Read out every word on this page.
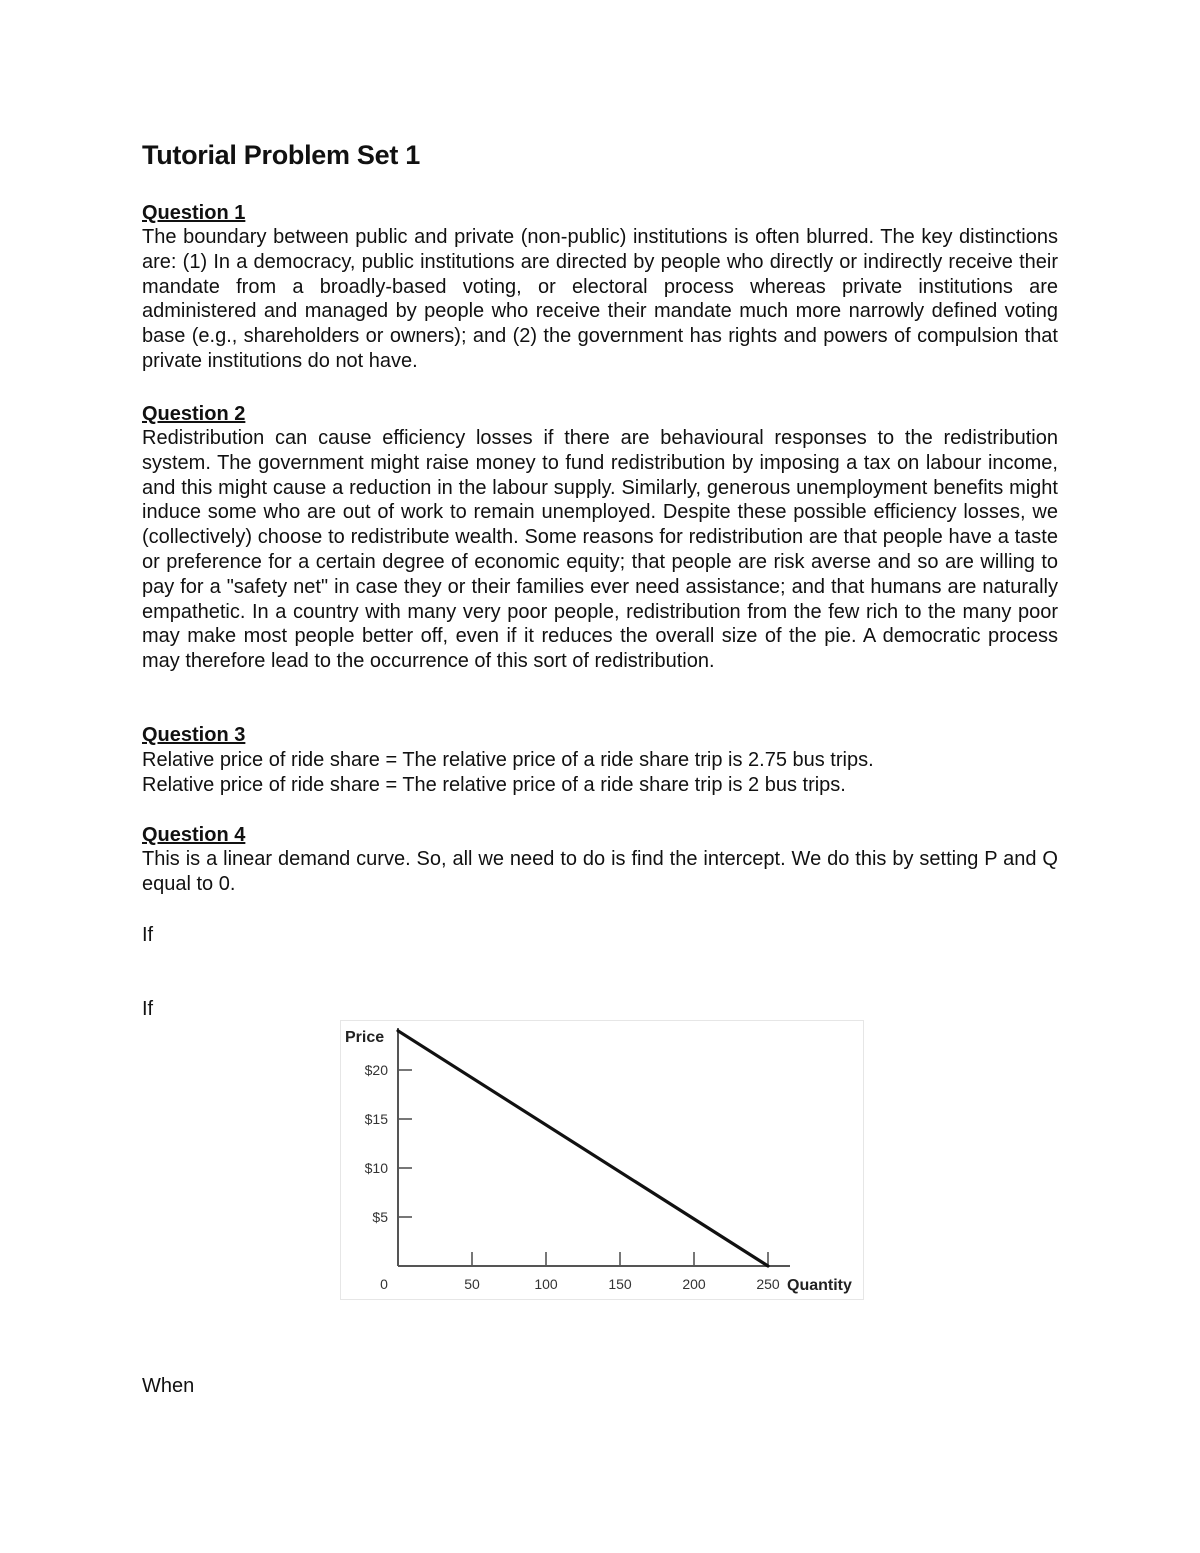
Tutorial Problem Set 1
Question 1

The boundary between public and private (non-public) institutions is often blurred. The key distinctions are: (1) In a democracy, public institutions are directed by people who directly or indirectly receive their mandate from a broadly-based voting, or electoral process whereas private institutions are administered and managed by people who receive their mandate much more narrowly defined voting base (e.g., shareholders or owners); and (2) the government has rights and powers of compulsion that private institutions do not have.

Question 2

Redistribution can cause efficiency losses if there are behavioural responses to the redistribution system. The government might raise money to fund redistribution by imposing a tax on labour income, and this might cause a reduction in the labour supply. Similarly, generous unemployment benefits might induce some who are out of work to remain unemployed. Despite these possible efficiency losses, we (collectively) choose to redistribute wealth. Some reasons for redistribution are that people have a taste or preference for a certain degree of economic equity; that people are risk averse and so are willing to pay for a "safety net" in case they or their families ever need assistance; and that humans are naturally empathetic. In a country with many very poor people, redistribution from the few rich to the many poor may make most people better off, even if it reduces the overall size of the pie. A democratic process may therefore lead to the occurrence of this sort of redistribution.

Question 3

Relative price of ride share = The relative price of a ride share trip is 2.75 bus trips.

Relative price of ride share = The relative price of a ride share trip is 2 bus trips.

Question 4

This is a linear demand curve. So, all we need to do is find the intercept. We do this by setting P and Q equal to 0.

If

If

When

0	50	100	150	200	250
$5
$10
$15
$20
Price
Quantity
